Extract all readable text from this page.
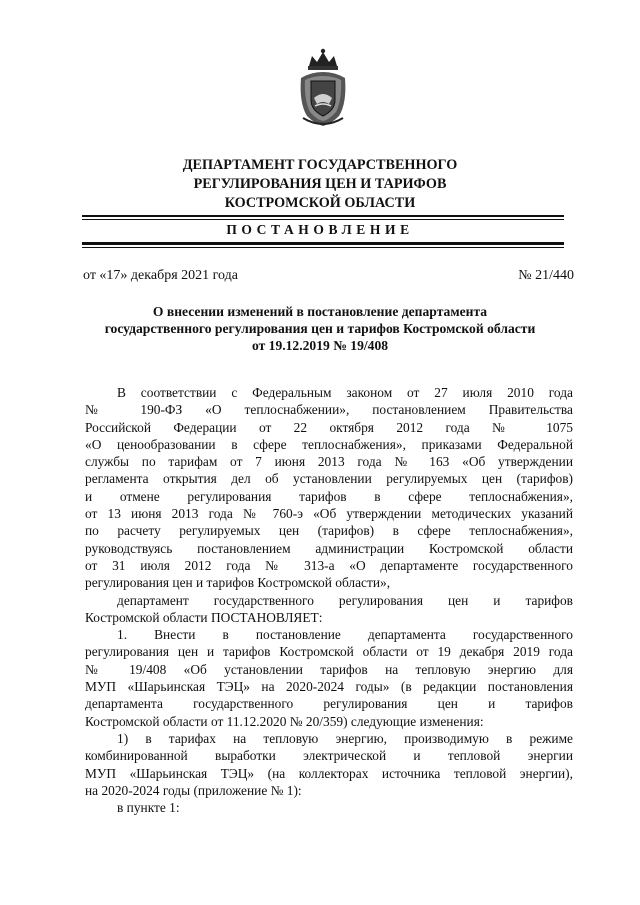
ДЕПАРТАМЕНТ ГОСУДАРСТВЕННОГО
РЕГУЛИРОВАНИЯ ЦЕН И ТАРИФОВ
КОСТРОМСКОЙ ОБЛАСТИ
ПОСТАНОВЛЕНИЕ
от «17» декабря 2021 года	№ 21/440
О внесении изменений в постановление департамента
государственного регулирования цен и тарифов Костромской области
от 19.12.2019 № 19/408
В соответствии с Федеральным законом от 27 июля 2010 года
№ 190-ФЗ «О теплоснабжении», постановлением Правительства
Российской Федерации от 22 октября 2012 года № 1075
«О ценообразовании в сфере теплоснабжения», приказами Федеральной
службы по тарифам от 7 июня 2013 года № 163 «Об утверждении
регламента открытия дел об установлении регулируемых цен (тарифов)
и отмене регулирования тарифов в сфере теплоснабжения»,
от 13 июня 2013 года № 760-э «Об утверждении методических указаний
по расчету регулируемых цен (тарифов) в сфере теплоснабжения»,
руководствуясь постановлением администрации Костромской области
от 31 июля 2012 года № 313-а «О департаменте государственного
регулирования цен и тарифов Костромской области»,
департамент государственного регулирования цен и тарифов
Костромской области ПОСТАНОВЛЯЕТ:
1. Внести в постановление департамента государственного
регулирования цен и тарифов Костромской области от 19 декабря 2019 года
№ 19/408 «Об установлении тарифов на тепловую энергию для
МУП «Шарьинская ТЭЦ» на 2020-2024 годы» (в редакции постановления
департамента государственного регулирования цен и тарифов
Костромской области от 11.12.2020 № 20/359) следующие изменения:
1) в тарифах на тепловую энергию, производимую в режиме
комбинированной выработки электрической и тепловой энергии
МУП «Шарьинская ТЭЦ» (на коллекторах источника тепловой энергии),
на 2020-2024 годы (приложение № 1):
в пункте 1:
